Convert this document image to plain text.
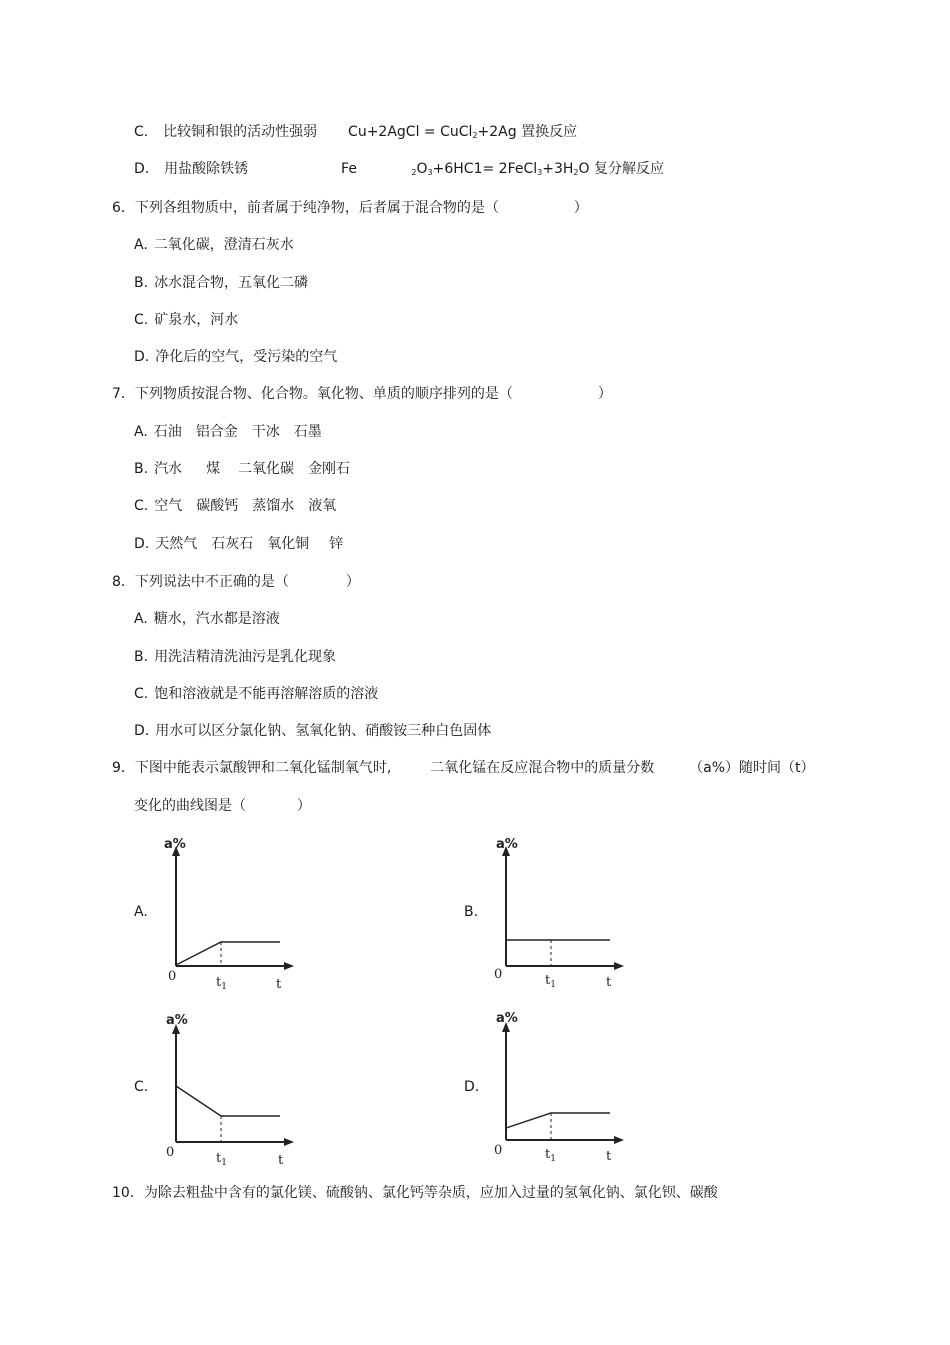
C. 比较铜和银的活动性强弱 Cu+2AgCl = CuCl$_2$+2Ag 置换反应
D. 用盐酸除铁锈	Fe	$_2O_3+6HC1=$ $2FeCl_3+3H_2O$ 复分解反应
6．下列各组物质中，前者属于纯净物，后者属于混合物的是（	）
A. 二氧化碳，澄清石灰水
B. 冰水混合物，五氧化二磷
C. 矿泉水，河水
D. 净化后的空气，受污染的空气
7．下列物质按混合物、化合物。氧化物、单质的顺序排列的是（	）
A. 石油 铝合金 干冰 石墨
B. 汽水 煤 二氧化碳 金刚石
C. 空气 碳酸钙 蒸馏水 液氧
D. 天然气 石灰石 氧化铜 锌
8．下列说法中不正确的是（	）
A. 糖水，汽水都是溶液
B. 用洗洁精清洗油污是乳化现象
C. 饱和溶液就是不能再溶解溶质的溶液
D. 用水可以区分氯化钠、氢氧化钠、硝酸铵三种白色固体
9．下图中能表示氯酸钾和二氧化锰制氧气时,	二氧化锰在反应混合物中的质量分数 （a%）随时间（t）
变化的曲线图是（	）
A.
a%
0
t
$t_1$
B.
a%
0
t
$t_1$
C.
a%
0
t
$t_1$
D.
a%
0	t
$t_1$
10．为除去粗盐中含有的氯化镁、硫酸钠、氯化钙等杂质，应加入过量的氢氧化钠、氯化钡、碳酸
